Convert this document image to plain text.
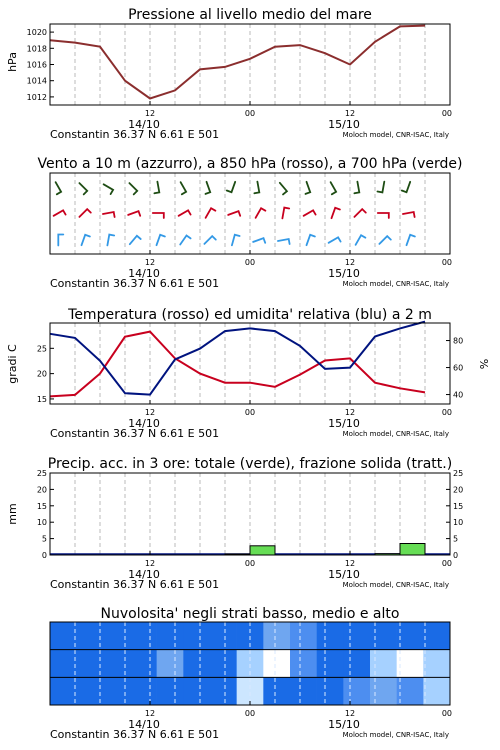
Pressione al livello medio del mare
hPa
1012
1014
1016
1018
1020
12	00	12	00
14/10	15/10
Constantin 36.37 N 6.61 E 501	Moloch model, CNR-ISAC, Italy
Vento a 10 m (azzurro), a 850 hPa (rosso), a 700 hPa (verde)
12	00	12	00
14/10	15/10
Constantin 36.37 N 6.61 E 501	Moloch model, CNR-ISAC, Italy
Temperatura (rosso) ed umidita' relativa (blu) a 2 m
gradi C	%
15
20
25
40
60
80
12	00	12	00
14/10	15/10
Constantin 36.37 N 6.61 E 501	Moloch model, CNR-ISAC, Italy
Precip. acc. in 3 ore: totale (verde), frazione solida (tratt.)
mm
0
5
10
15
20
25
0
5
10
15
20
25
12	00	12	00
14/10	15/10
Constantin 36.37 N 6.61 E 501	Moloch model, CNR-ISAC, Italy
Nuvolosita' negli strati basso, medio e alto
12	00	12	00
14/10	15/10
Constantin 36.37 N 6.61 E 501	Moloch model, CNR-ISAC, Italy
